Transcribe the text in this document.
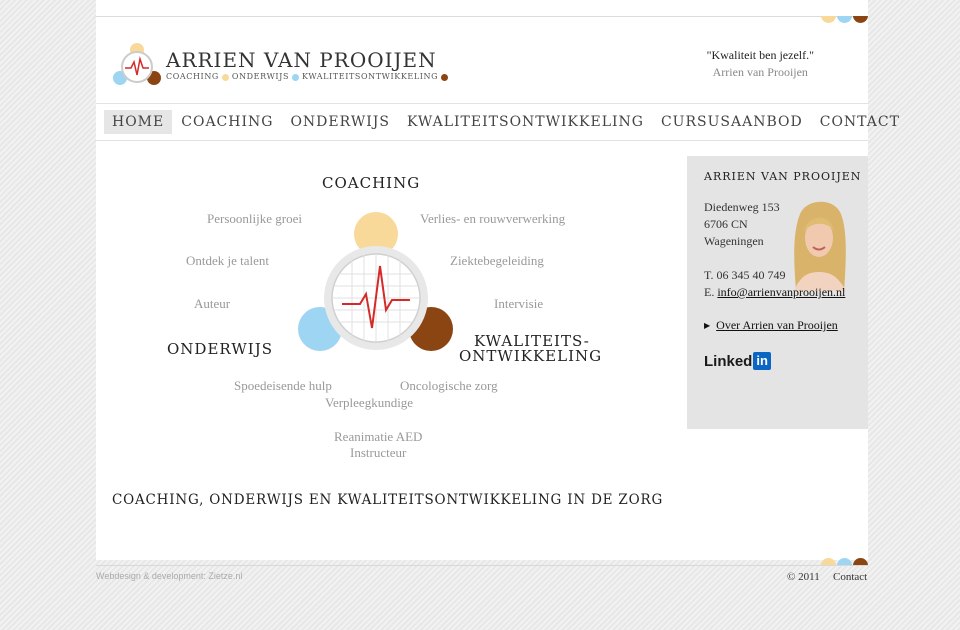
ARRIEN VAN PROOIJEN
COACHING ONDERWIJS KWALITEITSONTWIKKELING
"Kwaliteit ben jezelf."
Arrien van Prooijen
HOME	COACHING	ONDERWIJS	KWALITEITSONTWIKKELING	CURSUSAANBOD	CONTACT
COACHING
Persoonlijke groei	Verlies- en rouwverwerking
Ontdek je talent	Ziektebegeleiding
Auteur	Intervisie
ONDERWIJS	KWALITEITS-
ONTWIKKELING
Spoedeisende hulp	Oncologische zorg
Verpleegkundige
Reanimatie AED
Instructeur
COACHING, ONDERWIJS EN KWALITEITSONTWIKKELING IN DE ZORG
ARRIEN VAN PROOIJEN
Diedenweg 153
6706 CN
Wageningen
T. 06 345 40 749
E. info@arrienvanprooijen.nl
▶ Over Arrien van Prooijen
Linked in
Webdesign & development: Zietze.nl	© 2011 Contact
